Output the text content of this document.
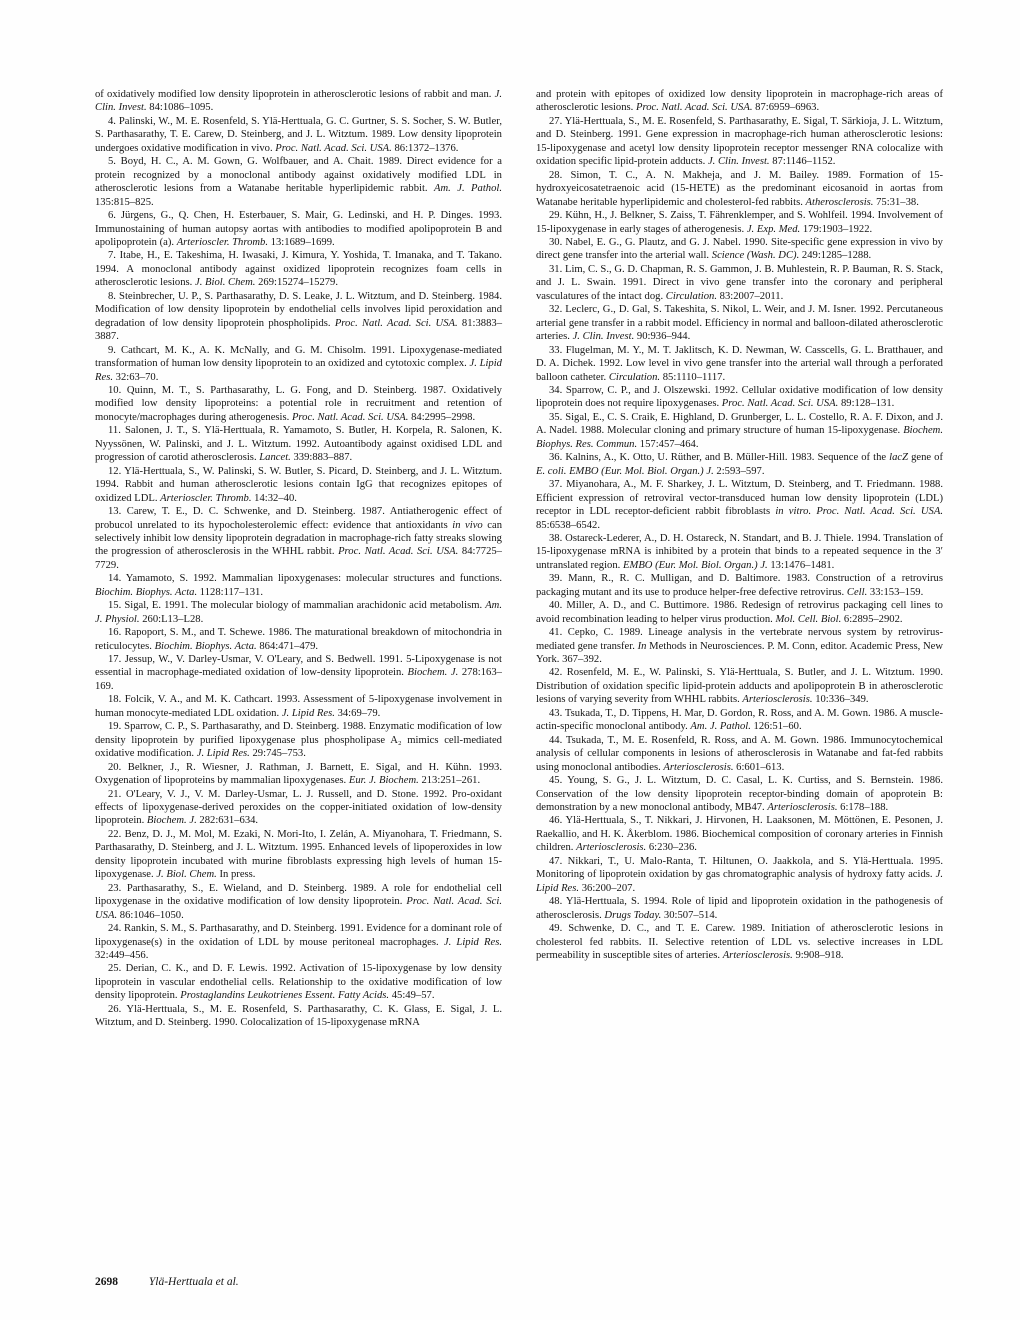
of oxidatively modified low density lipoprotein in atherosclerotic lesions of rabbit and man. J. Clin. Invest. 84:1086–1095.

4. Palinski, W., M. E. Rosenfeld, S. Ylä-Herttuala, G. C. Gurtner, S. S. Socher, S. W. Butler, S. Parthasarathy, T. E. Carew, D. Steinberg, and J. L. Witztum. 1989. Low density lipoprotein undergoes oxidative modification in vivo. Proc. Natl. Acad. Sci. USA. 86:1372–1376.

5. Boyd, H. C., A. M. Gown, G. Wolfbauer, and A. Chait. 1989. Direct evidence for a protein recognized by a monoclonal antibody against oxidatively modified LDL in atherosclerotic lesions from a Watanabe heritable hyperlipidemic rabbit. Am. J. Pathol. 135:815–825.

6. Jürgens, G., Q. Chen, H. Esterbauer, S. Mair, G. Ledinski, and H. P. Dinges. 1993. Immunostaining of human autopsy aortas with antibodies to modified apolipoprotein B and apolipoprotein (a). Arterioscler. Thromb. 13:1689–1699.

7. Itabe, H., E. Takeshima, H. Iwasaki, J. Kimura, Y. Yoshida, T. Imanaka, and T. Takano. 1994. A monoclonal antibody against oxidized lipoprotein recognizes foam cells in atherosclerotic lesions. J. Biol. Chem. 269:15274–15279.

8. Steinbrecher, U. P., S. Parthasarathy, D. S. Leake, J. L. Witztum, and D. Steinberg. 1984. Modification of low density lipoprotein by endothelial cells involves lipid peroxidation and degradation of low density lipoprotein phospholipids. Proc. Natl. Acad. Sci. USA. 81:3883–3887.

9. Cathcart, M. K., A. K. McNally, and G. M. Chisolm. 1991. Lipoxygenase-mediated transformation of human low density lipoprotein to an oxidized and cytotoxic complex. J. Lipid Res. 32:63–70.

10. Quinn, M. T., S. Parthasarathy, L. G. Fong, and D. Steinberg. 1987. Oxidatively modified low density lipoproteins: a potential role in recruitment and retention of monocyte/macrophages during atherogenesis. Proc. Natl. Acad. Sci. USA. 84:2995–2998.

11. Salonen, J. T., S. Ylä-Herttuala, R. Yamamoto, S. Butler, H. Korpela, R. Salonen, K. Nyyssönen, W. Palinski, and J. L. Witztum. 1992. Autoantibody against oxidised LDL and progression of carotid atherosclerosis. Lancet. 339:883–887.

12. Ylä-Herttuala, S., W. Palinski, S. W. Butler, S. Picard, D. Steinberg, and J. L. Witztum. 1994. Rabbit and human atherosclerotic lesions contain IgG that recognizes epitopes of oxidized LDL. Arterioscler. Thromb. 14:32–40.

13. Carew, T. E., D. C. Schwenke, and D. Steinberg. 1987. Antiatherogenic effect of probucol unrelated to its hypocholesterolemic effect: evidence that antioxidants in vivo can selectively inhibit low density lipoprotein degradation in macrophage-rich fatty streaks slowing the progression of atherosclerosis in the WHHL rabbit. Proc. Natl. Acad. Sci. USA. 84:7725–7729.

14. Yamamoto, S. 1992. Mammalian lipoxygenases: molecular structures and functions. Biochim. Biophys. Acta. 1128:117–131.

15. Sigal, E. 1991. The molecular biology of mammalian arachidonic acid metabolism. Am. J. Physiol. 260:L13–L28.

16. Rapoport, S. M., and T. Schewe. 1986. The maturational breakdown of mitochondria in reticulocytes. Biochim. Biophys. Acta. 864:471–479.

17. Jessup, W., V. Darley-Usmar, V. O'Leary, and S. Bedwell. 1991. 5-Lipoxygenase is not essential in macrophage-mediated oxidation of low-density lipoprotein. Biochem. J. 278:163–169.

18. Folcik, V. A., and M. K. Cathcart. 1993. Assessment of 5-lipoxygenase involvement in human monocyte-mediated LDL oxidation. J. Lipid Res. 34:69–79.

19. Sparrow, C. P., S. Parthasarathy, and D. Steinberg. 1988. Enzymatic modification of low density lipoprotein by purified lipoxygenase plus phospholipase A₂ mimics cell-mediated oxidative modification. J. Lipid Res. 29:745–753.

20. Belkner, J., R. Wiesner, J. Rathman, J. Barnett, E. Sigal, and H. Kühn. 1993. Oxygenation of lipoproteins by mammalian lipoxygenases. Eur. J. Biochem. 213:251–261.

21. O'Leary, V. J., V. M. Darley-Usmar, L. J. Russell, and D. Stone. 1992. Pro-oxidant effects of lipoxygenase-derived peroxides on the copper-initiated oxidation of low-density lipoprotein. Biochem. J. 282:631–634.

22. Benz, D. J., M. Mol, M. Ezaki, N. Mori-Ito, I. Zelán, A. Miyanohara, T. Friedmann, S. Parthasarathy, D. Steinberg, and J. L. Witztum. 1995. Enhanced levels of lipoperoxides in low density lipoprotein incubated with murine fibroblasts expressing high levels of human 15-lipoxygenase. J. Biol. Chem. In press.

23. Parthasarathy, S., E. Wieland, and D. Steinberg. 1989. A role for endothelial cell lipoxygenase in the oxidative modification of low density lipoprotein. Proc. Natl. Acad. Sci. USA. 86:1046–1050.

24. Rankin, S. M., S. Parthasarathy, and D. Steinberg. 1991. Evidence for a dominant role of lipoxygenase(s) in the oxidation of LDL by mouse peritoneal macrophages. J. Lipid Res. 32:449–456.

25. Derian, C. K., and D. F. Lewis. 1992. Activation of 15-lipoxygenase by low density lipoprotein in vascular endothelial cells. Relationship to the oxidative modification of low density lipoprotein. Prostaglandins Leukotrienes Essent. Fatty Acids. 45:49–57.

26. Ylä-Herttuala, S., M. E. Rosenfeld, S. Parthasarathy, C. K. Glass, E. Sigal, J. L. Witztum, and D. Steinberg. 1990. Colocalization of 15-lipoxygenase mRNA

and protein with epitopes of oxidized low density lipoprotein in macrophage-rich areas of atherosclerotic lesions. Proc. Natl. Acad. Sci. USA. 87:6959–6963.

27. Ylä-Herttuala, S., M. E. Rosenfeld, S. Parthasarathy, E. Sigal, T. Särkioja, J. L. Witztum, and D. Steinberg. 1991. Gene expression in macrophage-rich human atherosclerotic lesions: 15-lipoxygenase and acetyl low density lipoprotein receptor messenger RNA colocalize with oxidation specific lipid-protein adducts. J. Clin. Invest. 87:1146–1152.

28. Simon, T. C., A. N. Makheja, and J. M. Bailey. 1989. Formation of 15-hydroxyeicosatetraenoic acid (15-HETE) as the predominant eicosanoid in aortas from Watanabe heritable hyperlipidemic and cholesterol-fed rabbits. Atherosclerosis. 75:31–38.

29. Kühn, H., J. Belkner, S. Zaiss, T. Fährenklemper, and S. Wohlfeil. 1994. Involvement of 15-lipoxygenase in early stages of atherogenesis. J. Exp. Med. 179:1903–1922.

30. Nabel, E. G., G. Plautz, and G. J. Nabel. 1990. Site-specific gene expression in vivo by direct gene transfer into the arterial wall. Science (Wash. DC). 249:1285–1288.

31. Lim, C. S., G. D. Chapman, R. S. Gammon, J. B. Muhlestein, R. P. Bauman, R. S. Stack, and J. L. Swain. 1991. Direct in vivo gene transfer into the coronary and peripheral vasculatures of the intact dog. Circulation. 83:2007–2011.

32. Leclerc, G., D. Gal, S. Takeshita, S. Nikol, L. Weir, and J. M. Isner. 1992. Percutaneous arterial gene transfer in a rabbit model. Efficiency in normal and balloon-dilated atherosclerotic arteries. J. Clin. Invest. 90:936–944.

33. Flugelman, M. Y., M. T. Jaklitsch, K. D. Newman, W. Casscells, G. L. Bratthauer, and D. A. Dichek. 1992. Low level in vivo gene transfer into the arterial wall through a perforated balloon catheter. Circulation. 85:1110–1117.

34. Sparrow, C. P., and J. Olszewski. 1992. Cellular oxidative modification of low density lipoprotein does not require lipoxygenases. Proc. Natl. Acad. Sci. USA. 89:128–131.

35. Sigal, E., C. S. Craik, E. Highland, D. Grunberger, L. L. Costello, R. A. F. Dixon, and J. A. Nadel. 1988. Molecular cloning and primary structure of human 15-lipoxygenase. Biochem. Biophys. Res. Commun. 157:457–464.

36. Kalnins, A., K. Otto, U. Rüther, and B. Müller-Hill. 1983. Sequence of the lacZ gene of E. coli. EMBO (Eur. Mol. Biol. Organ.) J. 2:593–597.

37. Miyanohara, A., M. F. Sharkey, J. L. Witztum, D. Steinberg, and T. Friedmann. 1988. Efficient expression of retroviral vector-transduced human low density lipoprotein (LDL) receptor in LDL receptor-deficient rabbit fibroblasts in vitro. Proc. Natl. Acad. Sci. USA. 85:6538–6542.

38. Ostareck-Lederer, A., D. H. Ostareck, N. Standart, and B. J. Thiele. 1994. Translation of 15-lipoxygenase mRNA is inhibited by a protein that binds to a repeated sequence in the 3′ untranslated region. EMBO (Eur. Mol. Biol. Organ.) J. 13:1476–1481.

39. Mann, R., R. C. Mulligan, and D. Baltimore. 1983. Construction of a retrovirus packaging mutant and its use to produce helper-free defective retrovirus. Cell. 33:153–159.

40. Miller, A. D., and C. Buttimore. 1986. Redesign of retrovirus packaging cell lines to avoid recombination leading to helper virus production. Mol. Cell. Biol. 6:2895–2902.

41. Cepko, C. 1989. Lineage analysis in the vertebrate nervous system by retrovirus-mediated gene transfer. In Methods in Neurosciences. P. M. Conn, editor. Academic Press, New York. 367–392.

42. Rosenfeld, M. E., W. Palinski, S. Ylä-Herttuala, S. Butler, and J. L. Witztum. 1990. Distribution of oxidation specific lipid-protein adducts and apolipoprotein B in atherosclerotic lesions of varying severity from WHHL rabbits. Arteriosclerosis. 10:336–349.

43. Tsukada, T., D. Tippens, H. Mar, D. Gordon, R. Ross, and A. M. Gown. 1986. A muscle-actin-specific monoclonal antibody. Am. J. Pathol. 126:51–60.

44. Tsukada, T., M. E. Rosenfeld, R. Ross, and A. M. Gown. 1986. Immunocytochemical analysis of cellular components in lesions of atherosclerosis in Watanabe and fat-fed rabbits using monoclonal antibodies. Arteriosclerosis. 6:601–613.

45. Young, S. G., J. L. Witztum, D. C. Casal, L. K. Curtiss, and S. Bernstein. 1986. Conservation of the low density lipoprotein receptor-binding domain of apoprotein B: demonstration by a new monoclonal antibody, MB47. Arteriosclerosis. 6:178–188.

46. Ylä-Herttuala, S., T. Nikkari, J. Hirvonen, H. Laaksonen, M. Möttönen, E. Pesonen, J. Raekallio, and H. K. Åkerblom. 1986. Biochemical composition of coronary arteries in Finnish children. Arteriosclerosis. 6:230–236.

47. Nikkari, T., U. Malo-Ranta, T. Hiltunen, O. Jaakkola, and S. Ylä-Herttuala. 1995. Monitoring of lipoprotein oxidation by gas chromatographic analysis of hydroxy fatty acids. J. Lipid Res. 36:200–207.

48. Ylä-Herttuala, S. 1994. Role of lipid and lipoprotein oxidation in the pathogenesis of atherosclerosis. Drugs Today. 30:507–514.

49. Schwenke, D. C., and T. E. Carew. 1989. Initiation of atherosclerotic lesions in cholesterol fed rabbits. II. Selective retention of LDL vs. selective increases in LDL permeability in susceptible sites of arteries. Arteriosclerosis. 9:908–918.

2698	Ylä-Herttuala et al.
